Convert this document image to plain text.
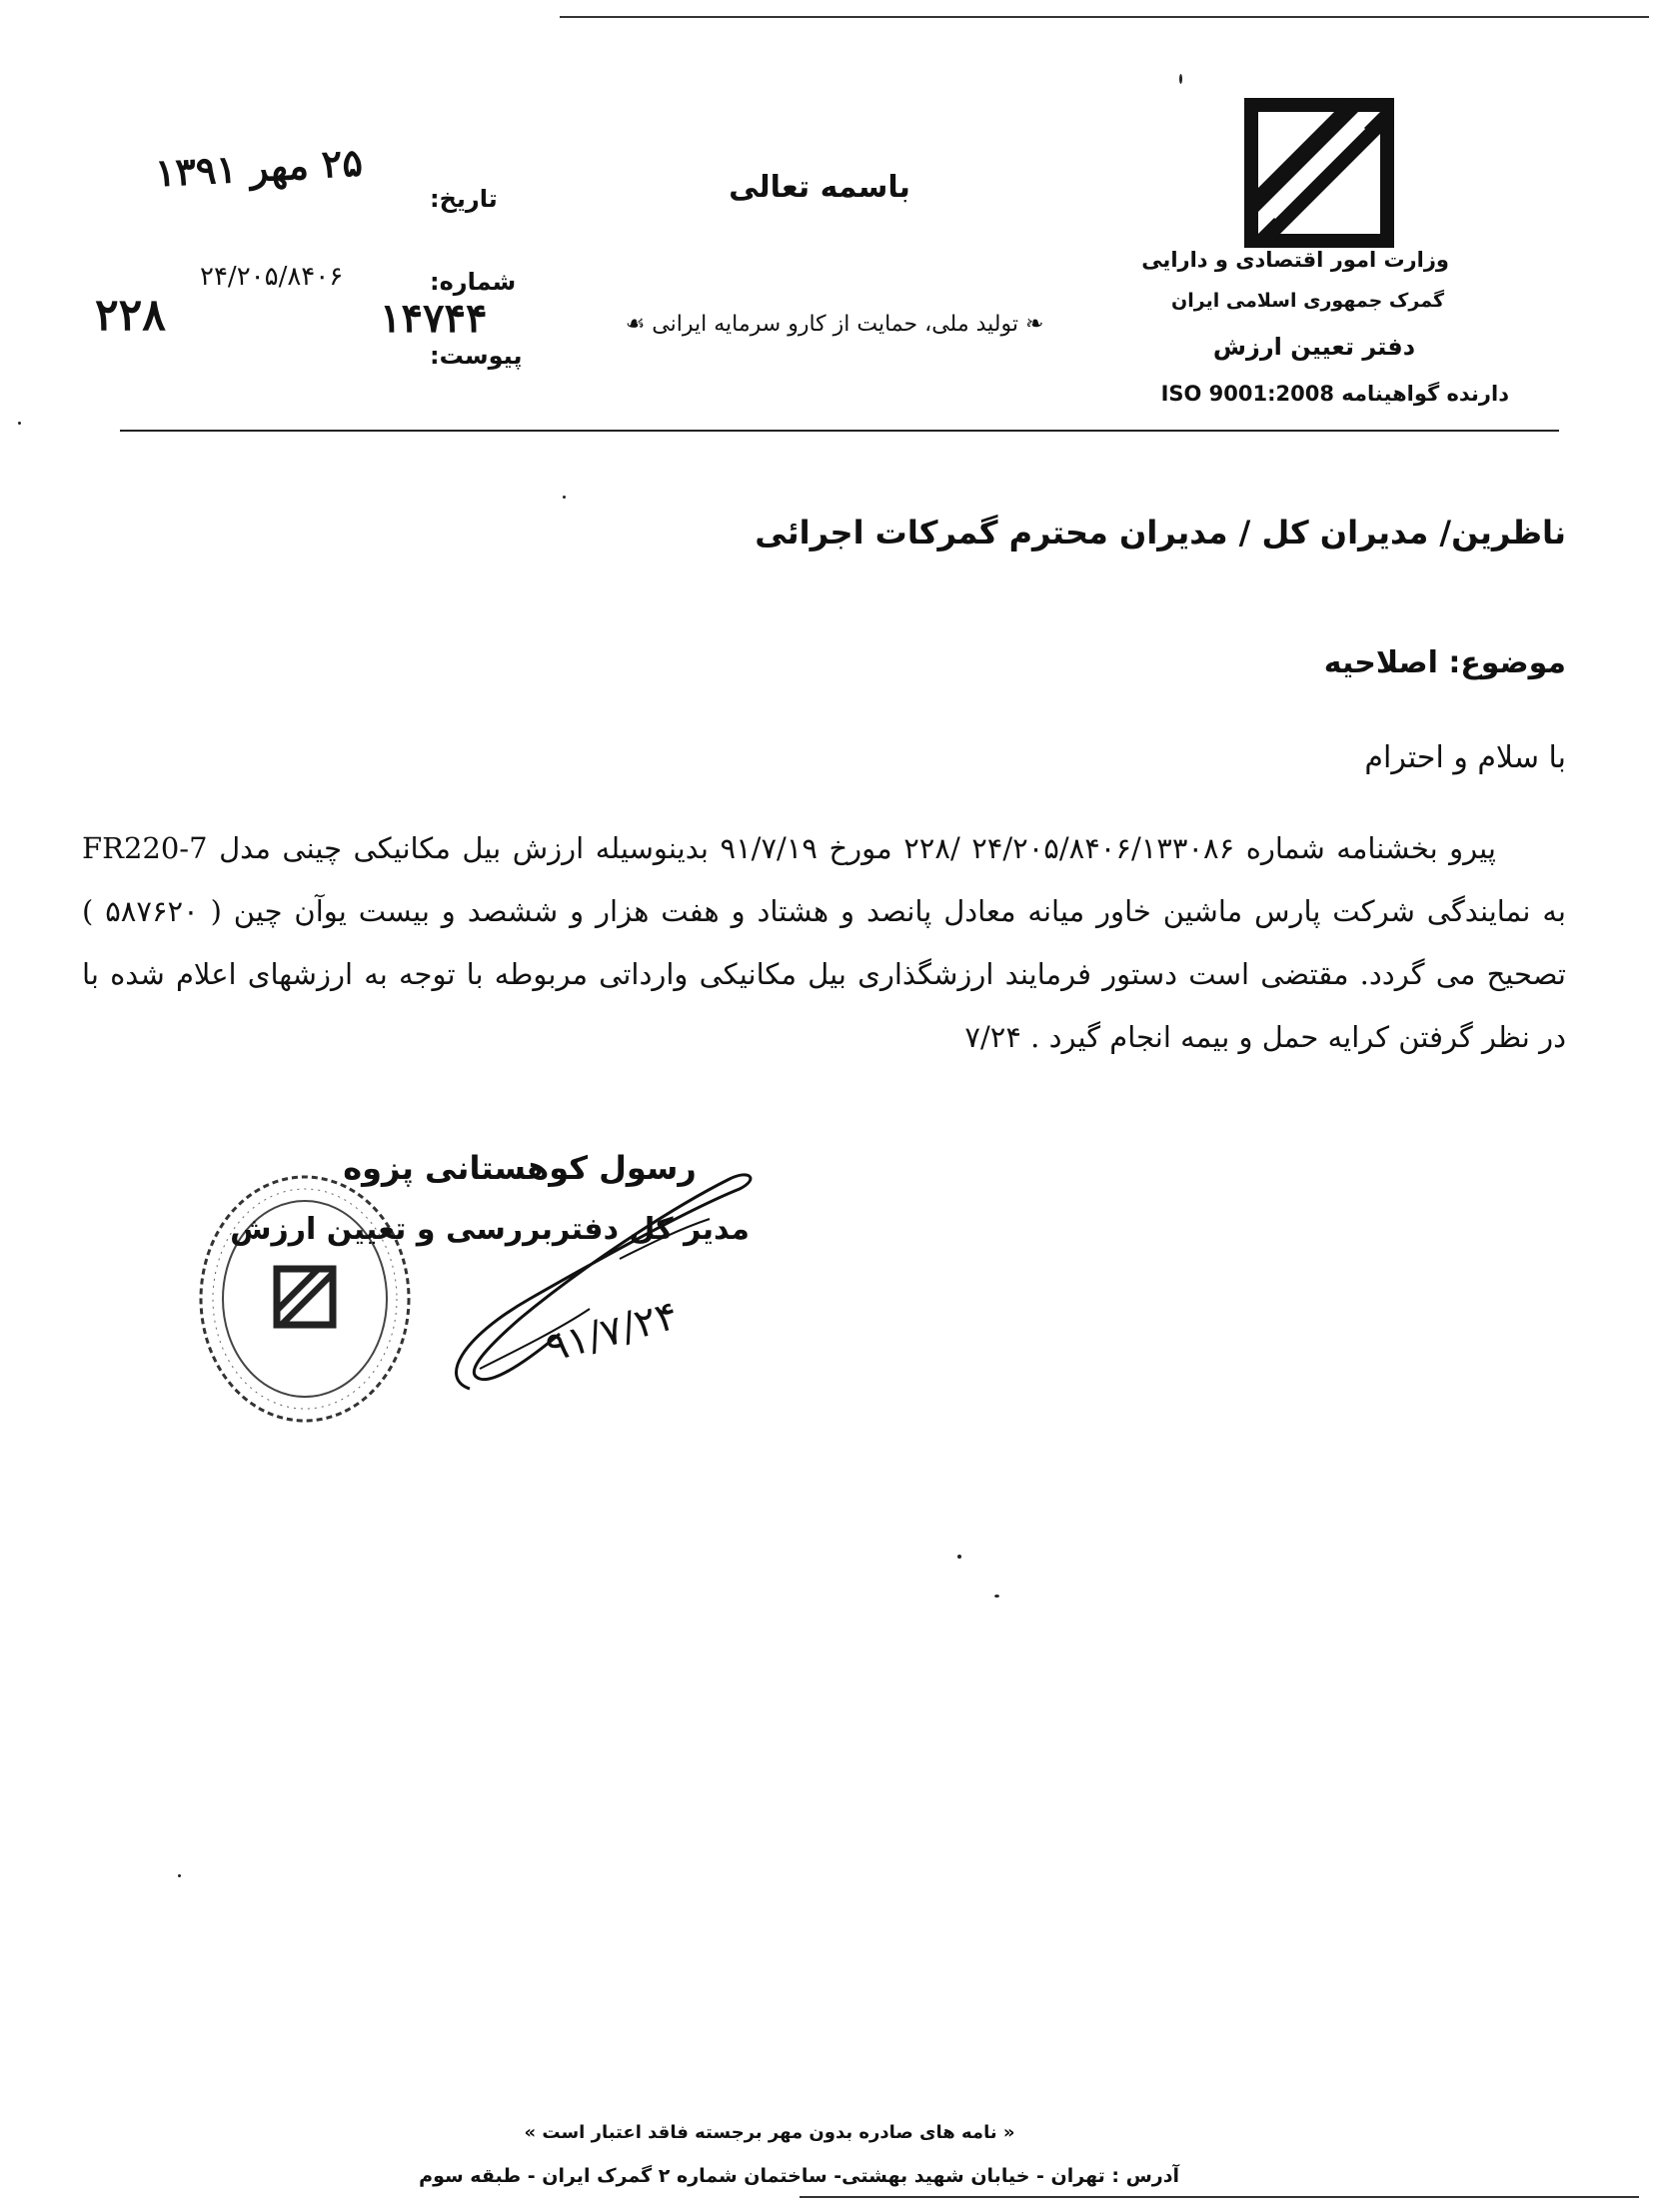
وزارت امور اقتصادی و دارایی
گمرک جمهوری اسلامی ایران
دفتر تعیین ارزش
دارنده گواهینامه ISO 9001:2008
باسمه تعالی
❧ تولید ملی، حمایت از کارو سرمایه ایرانی ☙
تاریخ:
شماره:
پیوست:
۲۵ مهر ۱۳۹۱
۲۴/۲۰۵/۸۴۰۶
۲۲۸	۱۴۷۴۴
ناظرین/ مدیران کل / مدیران محترم گمرکات اجرائی
موضوع: اصلاحیه
با سلام و احترام
پیرو بخشنامه شماره ۲۴/۲۰۵/۸۴۰۶/۱۳۳۰۸۶ /۲۲۸ مورخ ۹۱/۷/۱۹ بدینوسیله ارزش بیل مکانیکی چینی مدل FR220-7 به نمایندگی شرکت پارس ماشین خاور میانه معادل پانصد و هشتاد و هفت هزار و ششصد و بیست یوآن چین ( ۵۸۷۶۲۰ ) تصحیح می گردد. مقتضی است دستور فرمایند ارزشگذاری بیل مکانیکی وارداتی مربوطه با توجه به ارزشهای اعلام شده با در نظر گرفتن کرایه حمل و بیمه انجام گیرد . ۷/۲۴
۹۱/۷/۲۴
رسول کوهستانی پزوه
مدیر کل دفتربررسی و تعیین ارزش
« نامه های صادره بدون مهر برجسته فاقد اعتبار است »
آدرس : تهران - خیابان شهید بهشتی- ساختمان شماره ۲ گمرک ایران - طبقه سوم
